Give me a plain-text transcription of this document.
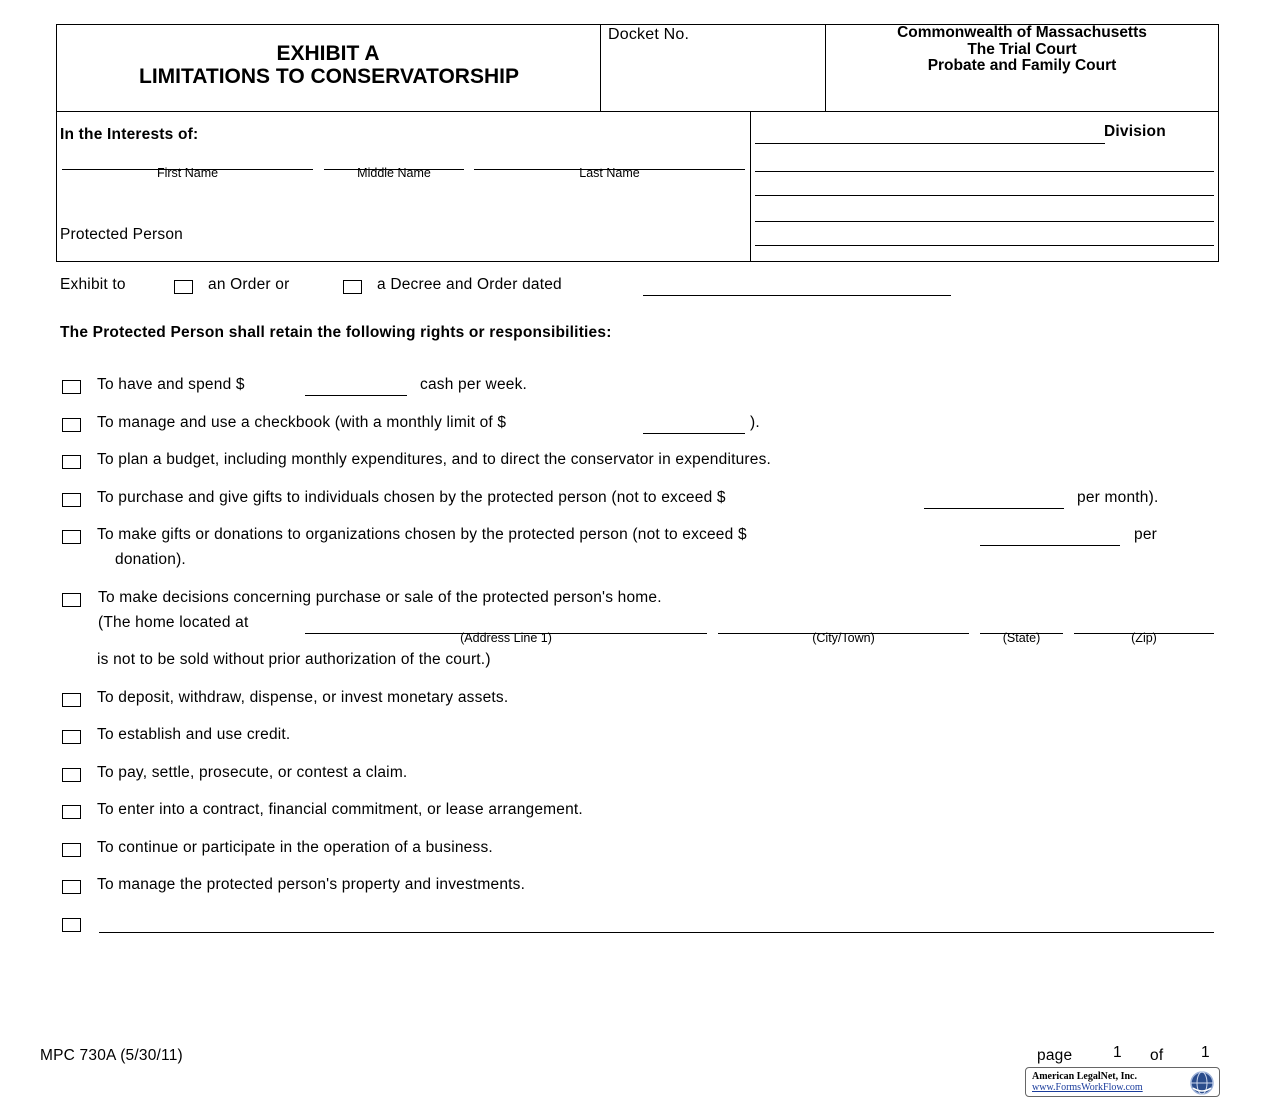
EXHIBIT A
LIMITATIONS TO CONSERVATORSHIP
Docket No.	Commonwealth of Massachusetts
The Trial Court
Probate and Family Court
In the Interests of:
First Name	Middle Name	Last Name
Protected Person
Division
Exhibit to	an Order or	a Decree and Order dated
The Protected Person shall retain the following rights or responsibilities:
To have and spend $	cash per week.
To manage and use a checkbook (with a monthly limit of $	).
To plan a budget, including monthly expenditures, and to direct the conservator in expenditures.
To purchase and give gifts to individuals chosen by the protected person (not to exceed $	per month).
To make gifts or donations to organizations chosen by the protected person (not to exceed $	per
donation).
To make decisions concerning purchase or sale of the protected person's home.
(The home located at
(Address Line 1)	(City/Town)	(State)	(Zip)
is not to be sold without prior authorization of the court.)
To deposit, withdraw, dispense, or invest monetary assets.
To establish and use credit.
To pay, settle, prosecute, or contest a claim.
To enter into a contract, financial commitment, or lease arrangement.
To continue or participate in the operation of a business.
To manage the protected person's property and investments.
MPC 730A (5/30/11)	page	1 of 1
American LegalNet, Inc.
www.FormsWorkFlow.com
